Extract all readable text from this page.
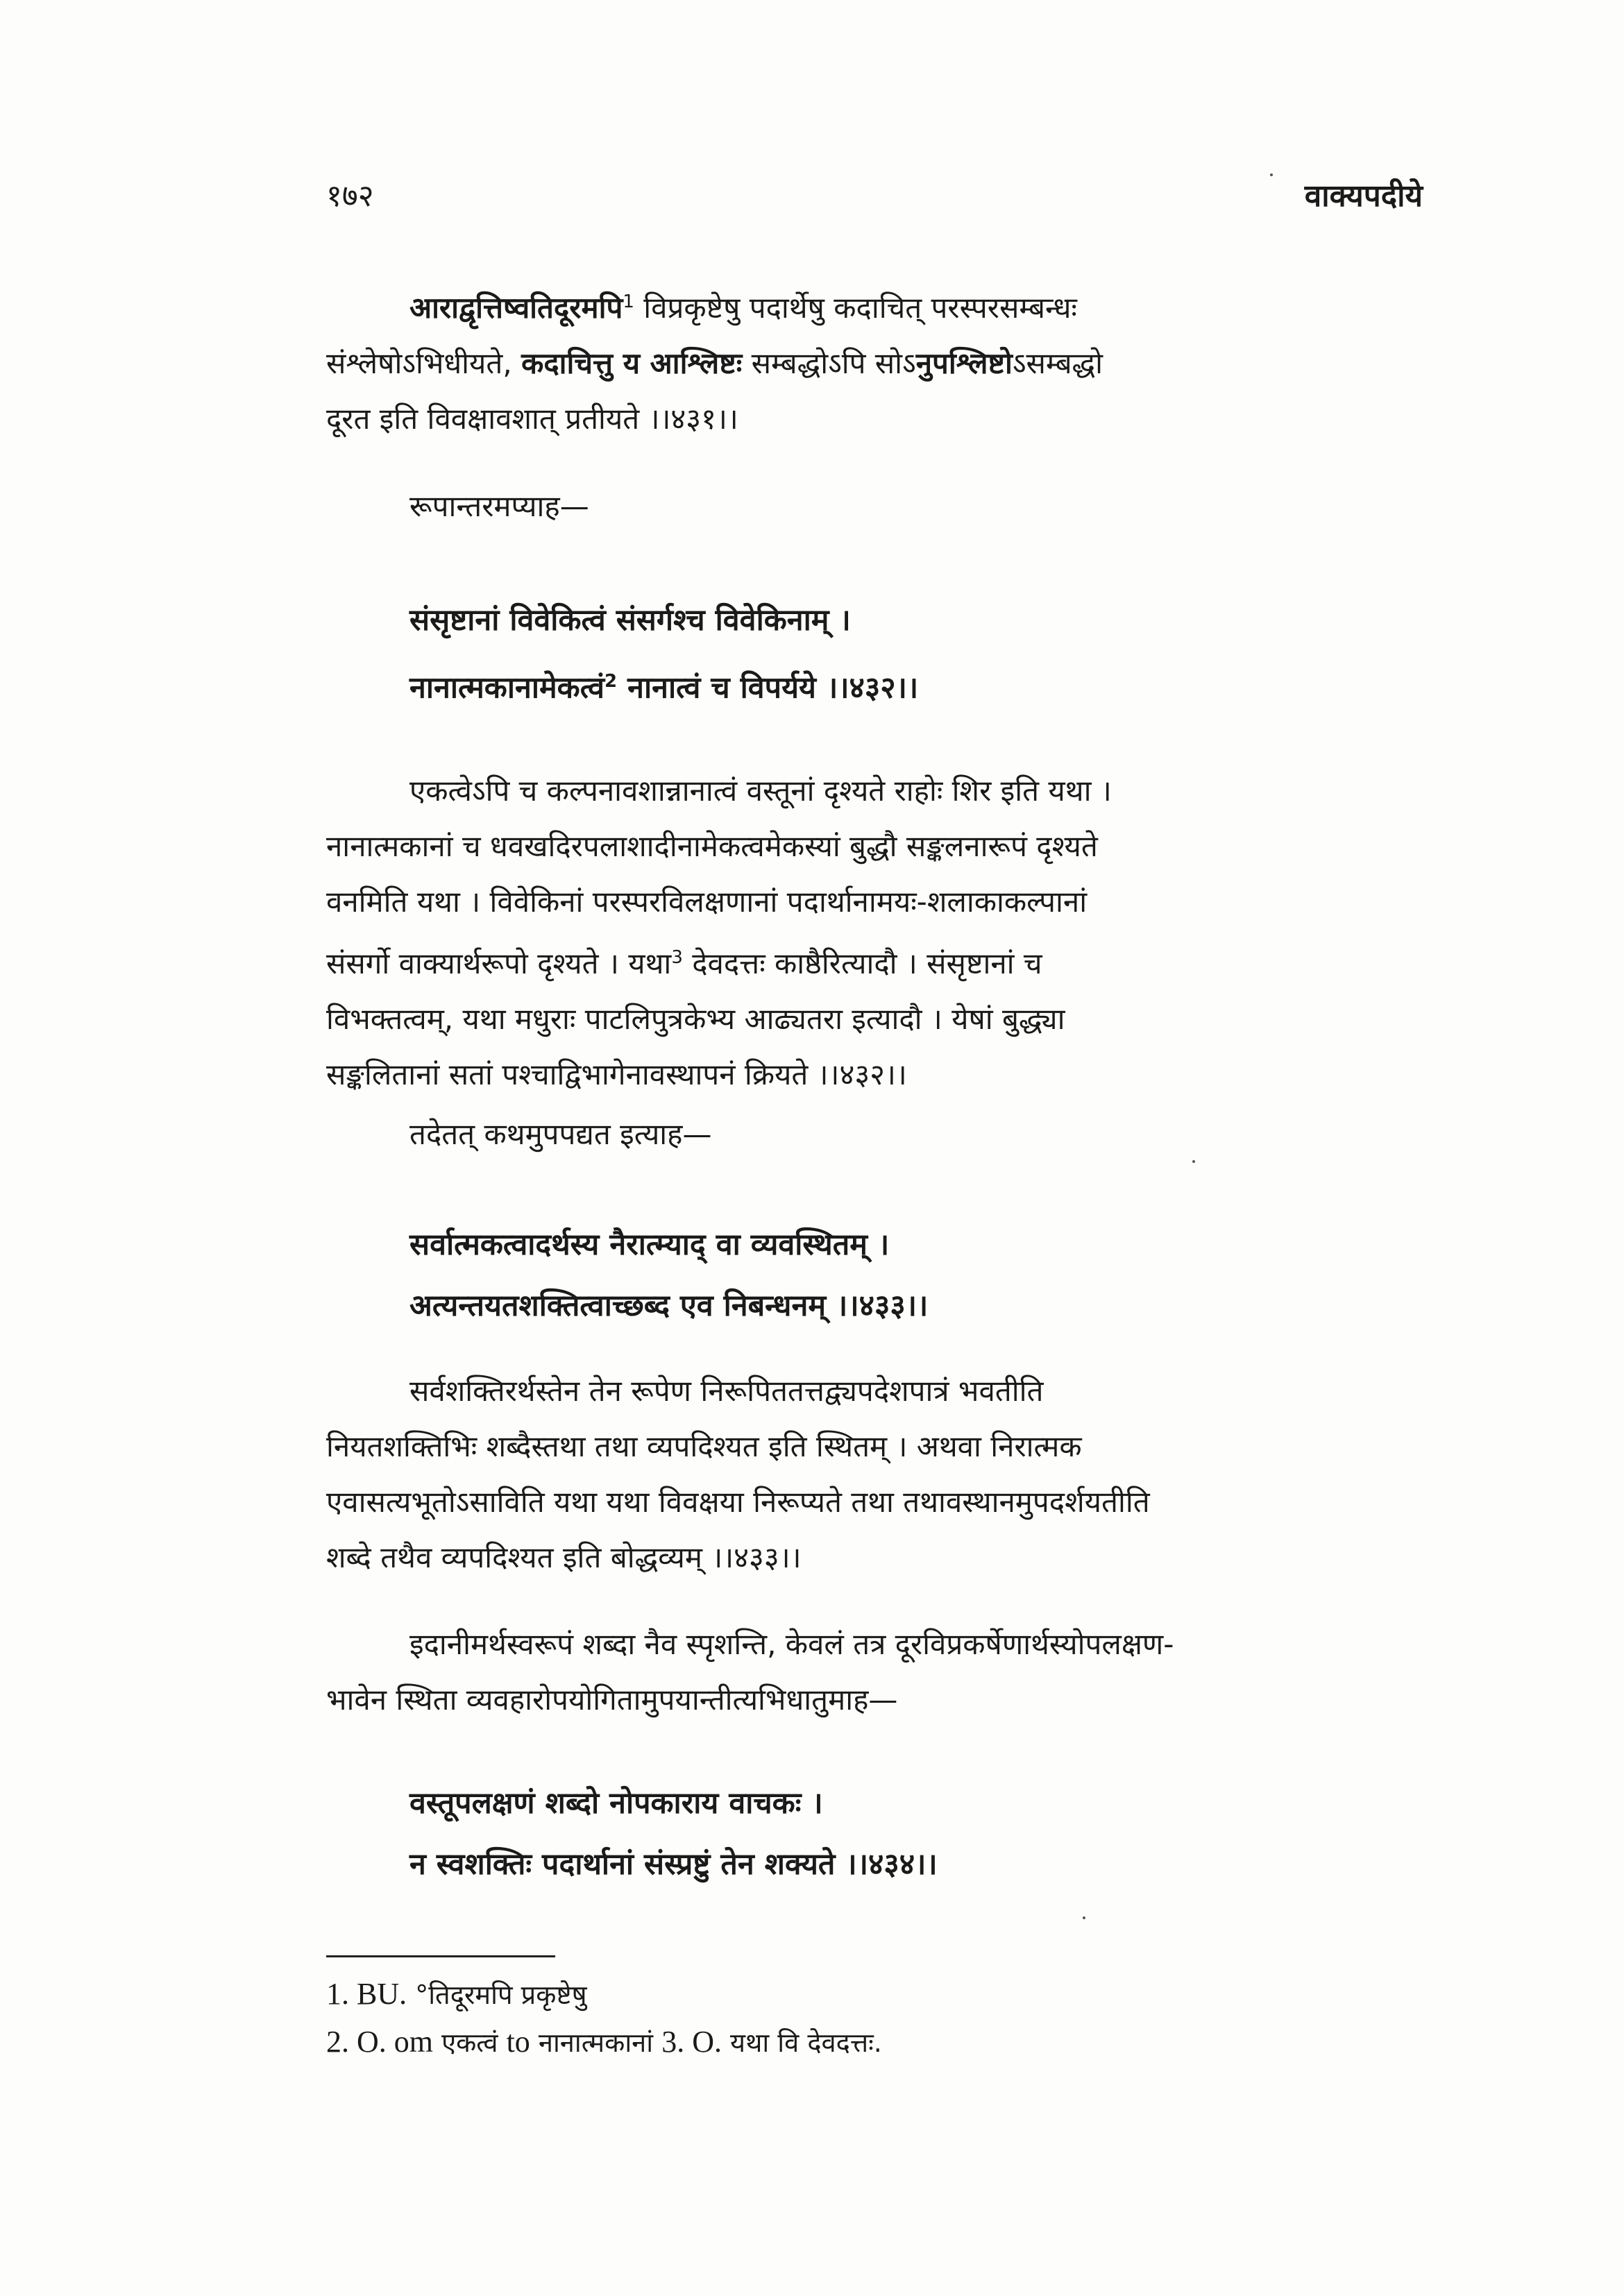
१७२	वाक्यपदीये
आराद्वृत्तिष्वतिदूरमपि$^1$ विप्रकृष्टेषु पदार्थेषु कदाचित् परस्परसम्बन्धः
संश्लेषोऽभिधीयते, कदाचित्तु य आश्लिष्टः सम्बद्धोऽपि सोऽनुपश्लिष्टोऽसम्बद्धो
दूरत इति विवक्षावशात् प्रतीयते ।।४३१।।
रूपान्तरमप्याह—
संसृष्टानां विवेकित्वं संसर्गश्च विवेकिनाम् ।
नानात्मकानामेकत्वं$^2$ नानात्वं च विपर्यये ।।४३२।।
एकत्वेऽपि च कल्पनावशान्नानात्वं वस्तूनां दृश्यते राहोः शिर इति यथा ।
नानात्मकानां च धवखदिरपलाशादीनामेकत्वमेकस्यां बुद्धौ सङ्कलनारूपं दृश्यते
वनमिति यथा । विवेकिनां परस्परविलक्षणानां पदार्थानामयः-शलाकाकल्पानां
संसर्गो वाक्यार्थरूपो दृश्यते । यथा$^3$ देवदत्तः काष्ठैरित्यादौ । संसृष्टानां च
विभक्तत्वम्, यथा मधुराः पाटलिपुत्रकेभ्य आढ्यतरा इत्यादौ । येषां बुद्ध्या
सङ्कलितानां सतां पश्चाद्विभागेनावस्थापनं क्रियते ।।४३२।।
तदेतत् कथमुपपद्यत इत्याह—
सर्वात्मकत्वादर्थस्य नैरात्म्याद् वा व्यवस्थितम् ।
अत्यन्तयतशक्तित्वाच्छब्द एव निबन्धनम् ।।४३३।।
सर्वशक्तिरर्थस्तेन तेन रूपेण निरूपिततत्तद्व्यपदेशपात्रं भवतीति
नियतशक्तिभिः शब्दैस्तथा तथा व्यपदिश्यत इति स्थितम् । अथवा निरात्मक
एवासत्यभूतोऽसाविति यथा यथा विवक्षया निरूप्यते तथा तथावस्थानमुपदर्शयतीति
शब्दे तथैव व्यपदिश्यत इति बोद्धव्यम् ।।४३३।।
इदानीमर्थस्वरूपं शब्दा नैव स्पृशन्ति, केवलं तत्र दूरविप्रकर्षेणार्थस्योपलक्षण-
भावेन स्थिता व्यवहारोपयोगितामुपयान्तीत्यभिधातुमाह—
वस्तूपलक्षणं शब्दो नोपकाराय वाचकः ।
न स्वशक्तिः पदार्थानां संस्प्रष्टुं तेन शक्यते ।।४३४।।
1. BU. °तिदूरमपि प्रकृष्टेषु
2. O. om एकत्वं to नानात्मकानां 3. O. यथा वि देवदत्तः.
